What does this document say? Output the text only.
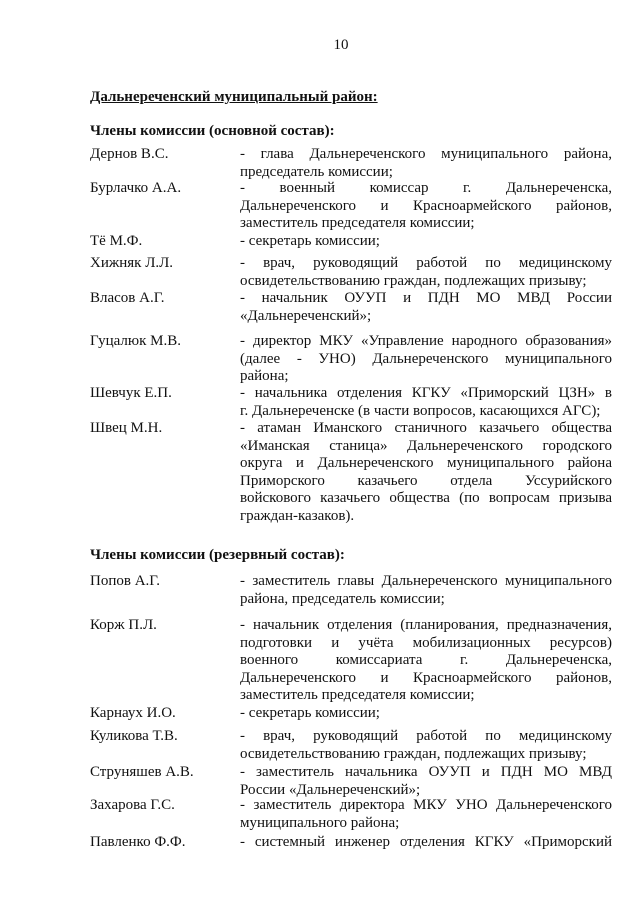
10
Дальнереченский муниципальный район:
Члены комиссии (основной состав):
Дернов В.С.	- глава Дальнереченского муниципального района,
председатель комиссии;
Бурлачко А.А.	- военный комиссар г. Дальнереченска,
Дальнереченского и Красноармейского районов,
заместитель председателя комиссии;
Тё М.Ф.	- секретарь комиссии;
Хижняк Л.Л.	- врач, руководящий работой по медицинскому
освидетельствованию граждан, подлежащих призыву;
Власов А.Г.	- начальник ОУУП и ПДН МО МВД России
«Дальнереченский»;
Гуцалюк М.В.	- директор МКУ «Управление народного образования»
(далее - УНО) Дальнереченского муниципального
района;
Шевчук Е.П.	- начальника отделения КГКУ «Приморский ЦЗН» в
г. Дальнереченске (в части вопросов, касающихся АГС);
Швец М.Н.	- атаман Иманского станичного казачьего общества
«Иманская станица» Дальнереченского городского
округа и Дальнереченского муниципального района
Приморского казачьего отдела Уссурийского
войскового казачьего общества (по вопросам призыва
граждан-казаков).
Члены комиссии (резервный состав):
Попов А.Г.	- заместитель главы Дальнереченского муниципального
района, председатель комиссии;
Корж П.Л.	- начальник отделения (планирования, предназначения,
подготовки и учёта мобилизационных ресурсов)
военного комиссариата г. Дальнереченска,
Дальнереченского и Красноармейского районов,
заместитель председателя комиссии;
Карнаух И.О.	- секретарь комиссии;
Куликова Т.В.	- врач, руководящий работой по медицинскому
освидетельствованию граждан, подлежащих призыву;
Струняшев А.В.	- заместитель начальника ОУУП и ПДН МО МВД
России «Дальнереченский»;
Захарова Г.С.	- заместитель директора МКУ УНО Дальнереченского
муниципального района;
Павленко Ф.Ф.	- системный инженер отделения КГКУ «Приморский
